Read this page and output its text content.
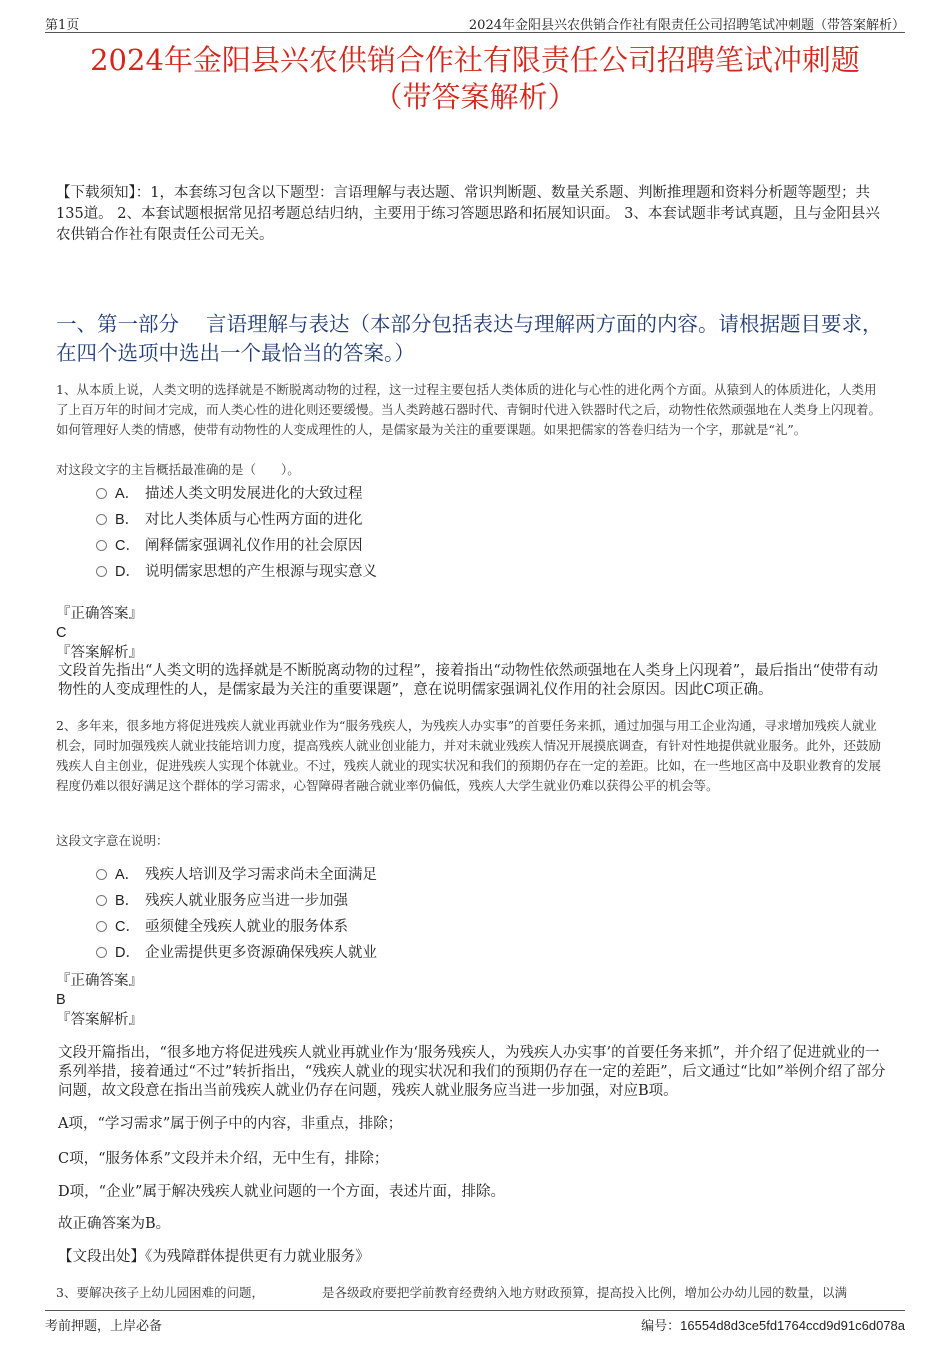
第1页	2024年金阳县兴农供销合作社有限责任公司招聘笔试冲刺题（带答案解析）
2024年金阳县兴农供销合作社有限责任公司招聘笔试冲刺题
（带答案解析）
【下载须知】：1，本套练习包含以下题型：言语理解与表达题、常识判断题、数量关系题、判断推理题和资料分析题等题型；共135道。 2、本套试题根据常见招考题总结归纳，主要用于练习答题思路和拓展知识面。 3、本套试题非考试真题，且与金阳县兴农供销合作社有限责任公司无关。
一、第一部分　 言语理解与表达（本部分包括表达与理解两方面的内容。请根据题目要求，在四个选项中选出一个最恰当的答案。）
1、从本质上说，人类文明的选择就是不断脱离动物的过程，这一过程主要包括人类体质的进化与心性的进化两个方面。从猿到人的体质进化，人类用了上百万年的时间才完成，而人类心性的进化则还要缓慢。当人类跨越石器时代、青铜时代进入铁器时代之后，动物性依然顽强地在人类身上闪现着。如何管理好人类的情感，使带有动物性的人变成理性的人，是儒家最为关注的重要课题。如果把儒家的答卷归结为一个字，那就是“礼”。
对这段文字的主旨概括最准确的是（　　）。
A． 描述人类文明发展进化的大致过程
B． 对比人类体质与心性两方面的进化
C． 阐释儒家强调礼仪作用的社会原因
D． 说明儒家思想的产生根源与现实意义
『正确答案』
C
『答案解析』
文段首先指出“人类文明的选择就是不断脱离动物的过程”，接着指出“动物性依然顽强地在人类身上闪现着”，最后指出“使带有动物性的人变成理性的人，是儒家最为关注的重要课题”，意在说明儒家强调礼仪作用的社会原因。因此C项正确。
2、多年来，很多地方将促进残疾人就业再就业作为“服务残疾人，为残疾人办实事”的首要任务来抓，通过加强与用工企业沟通，寻求增加残疾人就业机会，同时加强残疾人就业技能培训力度，提高残疾人就业创业能力，并对未就业残疾人情况开展摸底调查，有针对性地提供就业服务。此外，还鼓励残疾人自主创业，促进残疾人实现个体就业。不过，残疾人就业的现实状况和我们的预期仍存在一定的差距。比如，在一些地区高中及职业教育的发展程度仍难以很好满足这个群体的学习需求，心智障碍者融合就业率仍偏低，残疾人大学生就业仍难以获得公平的机会等。
这段文字意在说明：
A． 残疾人培训及学习需求尚未全面满足
B． 残疾人就业服务应当进一步加强
C． 亟须健全残疾人就业的服务体系
D． 企业需提供更多资源确保残疾人就业
『正确答案』
B
『答案解析』
文段开篇指出，“很多地方将促进残疾人就业再就业作为‘服务残疾人，为残疾人办实事’的首要任务来抓”，并介绍了促进就业的一系列举措，接着通过“不过”转折指出，“残疾人就业的现实状况和我们的预期仍存在一定的差距”，后文通过“比如”举例介绍了部分问题，故文段意在指出当前残疾人就业仍存在问题，残疾人就业服务应当进一步加强，对应B项。
A项，“学习需求”属于例子中的内容，非重点，排除；
C项，“服务体系”文段并未介绍，无中生有，排除；
D项，“企业”属于解决残疾人就业问题的一个方面，表述片面，排除。
故正确答案为B。
【文段出处】《为残障群体提供更有力就业服务》
3、要解决孩子上幼儿园困难的问题，	是各级政府要把学前教育经费纳入地方财政预算，提高投入比例，增加公办幼儿园的数量，以满
考前押题，上岸必备	编号：16554d8d3ce5fd1764ccd9d91c6d078a
